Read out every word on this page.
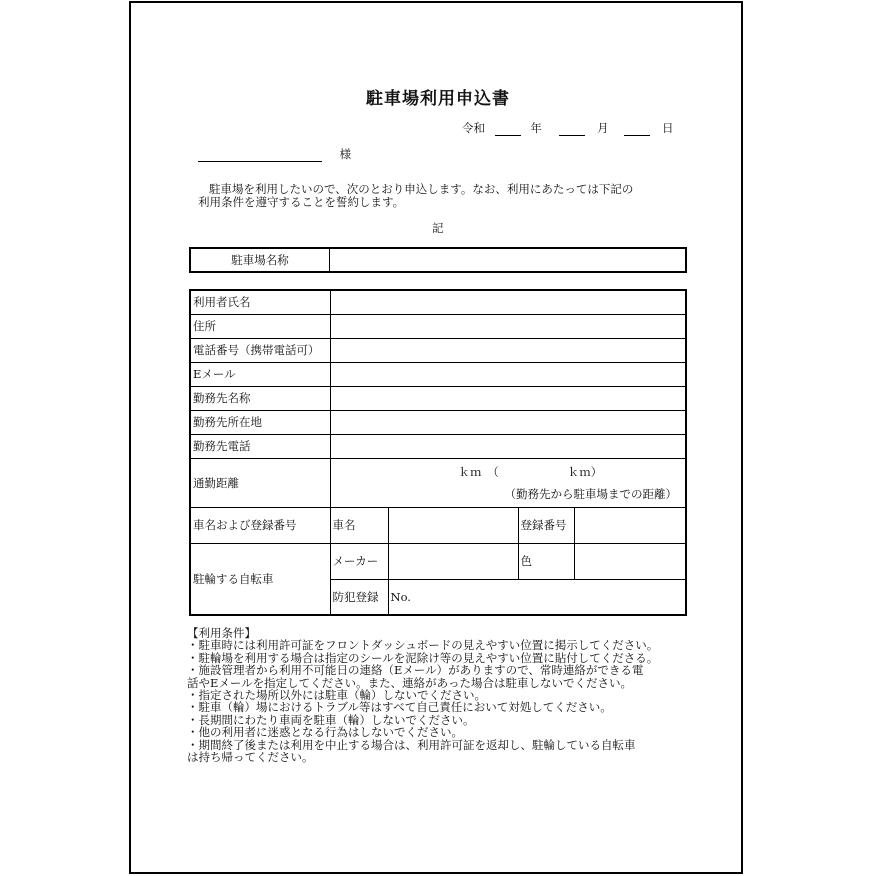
駐車場利用申込書
令和	年	月	日
様
駐車場を利用したいので、次のとおり申込します。なお、利用にあたっては下記の
利用条件を遵守することを誓約します。
記
駐車場名称	
利用者氏名				
住所				
電話番号（携帯電話可）				
Eメール				
勤務先名称				
勤務先所在地				
勤務先電話				
通勤距離	ｋｍ　（　　　　　　ｋｍ）
（勤務先から駐車場までの距離）			

車名および登録番号	車名		登録番号	
駐輪する自転車	メーカー		色	
	防犯登録	No.		
【利用条件】
・駐車時には利用許可証をフロントダッシュボードの見えやすい位置に掲示してください。
・駐輪場を利用する場合は指定のシールを泥除け等の見えやすい位置に貼付してくださる。
・施設管理者から利用不可能日の連絡（Eメール）がありますので、常時連絡ができる電
話やEメールを指定してください。また、連絡があった場合は駐車しないでください。
・指定された場所以外には駐車（輪）しないでください。
・駐車（輪）場におけるトラブル等はすべて自己責任において対処してください。
・長期間にわたり車両を駐車（輪）しないでください。
・他の利用者に迷惑となる行為はしないでください。
・期間終了後または利用を中止する場合は、利用許可証を返却し、駐輪している自転車
は持ち帰ってください。
